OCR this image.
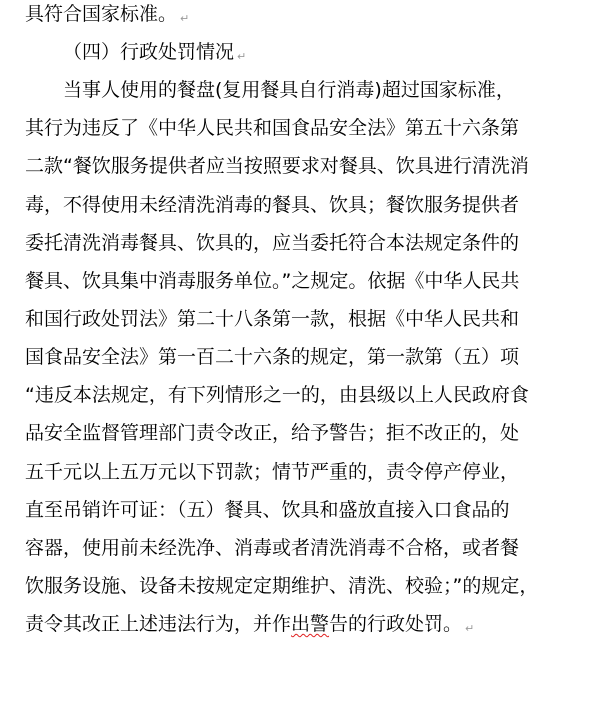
具符合国家标准。 ↵
（四）行政处罚情况 ↵
当事人使用的餐盘(复用餐具自行消毒)超过国家标准，
其行为违反了《中华人民共和国食品安全法》第五十六条第
二款“餐饮服务提供者应当按照要求对餐具、饮具进行清洗消
毒，不得使用未经清洗消毒的餐具、饮具；餐饮服务提供者
委托清洗消毒餐具、饮具的，应当委托符合本法规定条件的
餐具、饮具集中消毒服务单位。”之规定。依据《中华人民共
和国行政处罚法》第二十八条第一款，根据《中华人民共和
国食品安全法》第一百二十六条的规定，第一款第（五）项
“违反本法规定，有下列情形之一的，由县级以上人民政府食
品安全监督管理部门责令改正，给予警告；拒不改正的，处
五千元以上五万元以下罚款；情节严重的，责令停产停业，
直至吊销许可证：（五）餐具、饮具和盛放直接入口食品的
容器，使用前未经洗净、消毒或者清洗消毒不合格，或者餐
饮服务设施、设备未按规定定期维护、清洗、校验；”的规定，
责令其改正上述违法行为，并作出警告的行政处罚。 ↵
